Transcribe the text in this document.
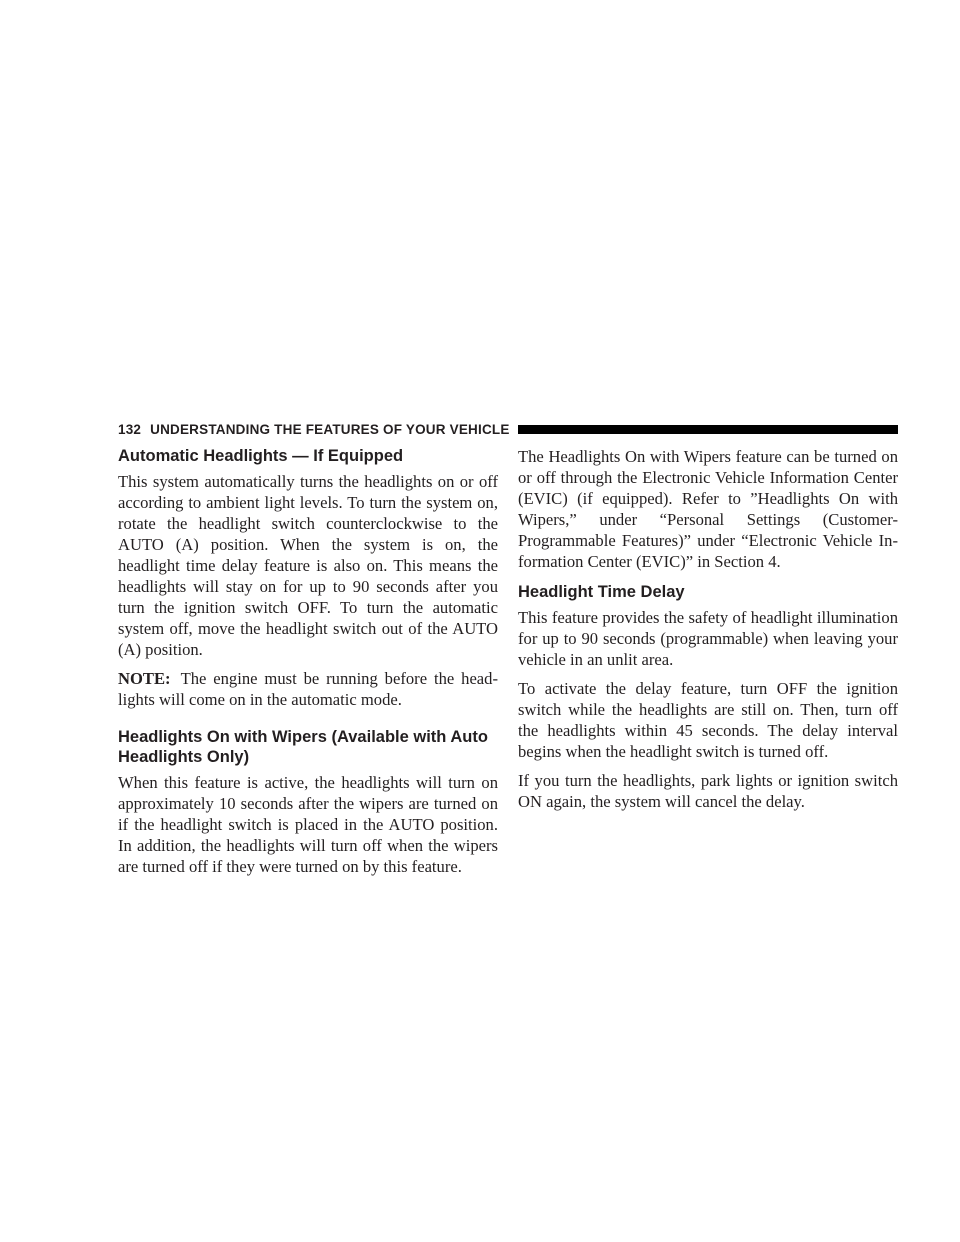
132 UNDERSTANDING THE FEATURES OF YOUR VEHICLE
Automatic Headlights — If Equipped

This system automatically turns the headlights on or off according to ambient light levels. To turn the system on, rotate the headlight switch counterclockwise to the AUTO (A) position. When the system is on, the headlight time delay feature is also on. This means the headlights will stay on for up to 90 seconds after you turn the ignition switch OFF. To turn the automatic system off, move the headlight switch out of the AUTO (A) position.

NOTE: The engine must be running before the head-lights will come on in the automatic mode.

Headlights On with Wipers (Available with Auto Headlights Only)

When this feature is active, the headlights will turn on approximately 10 seconds after the wipers are turned on if the headlight switch is placed in the AUTO position. In addition, the headlights will turn off when the wipers are turned off if they were turned on by this feature.

The Headlights On with Wipers feature can be turned on or off through the Electronic Vehicle Information Center (EVIC) (if equipped). Refer to ”Headlights On with Wipers,” under “Personal Settings (Customer-Programmable Features)” under “Electronic Vehicle In-formation Center (EVIC)” in Section 4.

Headlight Time Delay

This feature provides the safety of headlight illumination for up to 90 seconds (programmable) when leaving your vehicle in an unlit area.

To activate the delay feature, turn OFF the ignition switch while the headlights are still on. Then, turn off the headlights within 45 seconds. The delay interval begins when the headlight switch is turned off.

If you turn the headlights, park lights or ignition switch ON again, the system will cancel the delay.
